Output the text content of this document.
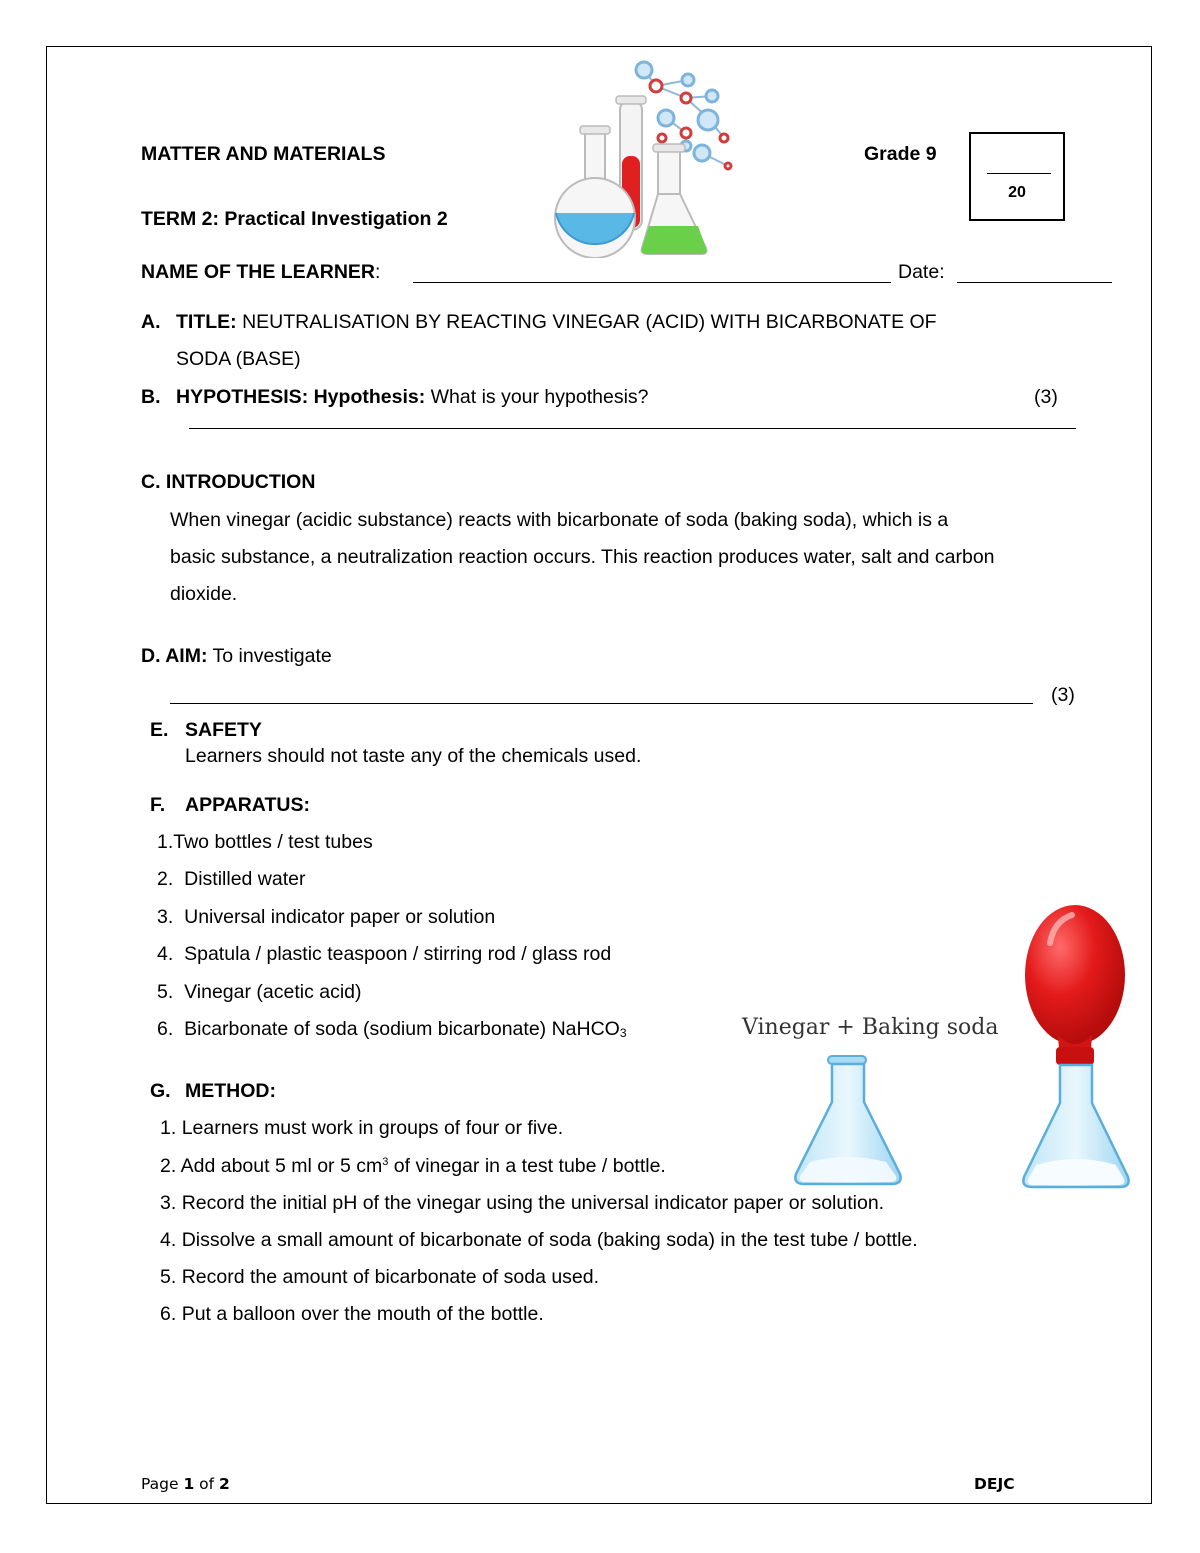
MATTER AND MATERIALS	Grade 9
TERM 2: Practical Investigation 2
20
NAME OF THE LEARNER:	Date:
A. TITLE: NEUTRALISATION BY REACTING VINEGAR (ACID) WITH BICARBONATE OF
SODA (BASE)
B. HYPOTHESIS: Hypothesis: What is your hypothesis?	(3)
C. INTRODUCTION
When vinegar (acidic substance) reacts with bicarbonate of soda (baking soda), which is a
basic substance, a neutralization reaction occurs. This reaction produces water, salt and carbon
dioxide.
D. AIM: To investigate
(3)
E. SAFETY
Learners should not taste any of the chemicals used.
F. APPARATUS:
1.Two bottles / test tubes
2. Distilled water
3. Universal indicator paper or solution
4. Spatula / plastic teaspoon / stirring rod / glass rod
5. Vinegar (acetic acid)
6. Bicarbonate of soda (sodium bicarbonate) NaHCO$_3$	Vinegar + Baking soda
G. METHOD:
1. Learners must work in groups of four or five.
2. Add about 5 ml or 5 $cm^3$ of vinegar in a test tube / bottle.
3. Record the initial pH of the vinegar using the universal indicator paper or solution.
4. Dissolve a small amount of bicarbonate of soda (baking soda) in the test tube / bottle.
5. Record the amount of bicarbonate of soda used.
6. Put a balloon over the mouth of the bottle.
Page 1 of 2	DEJC
